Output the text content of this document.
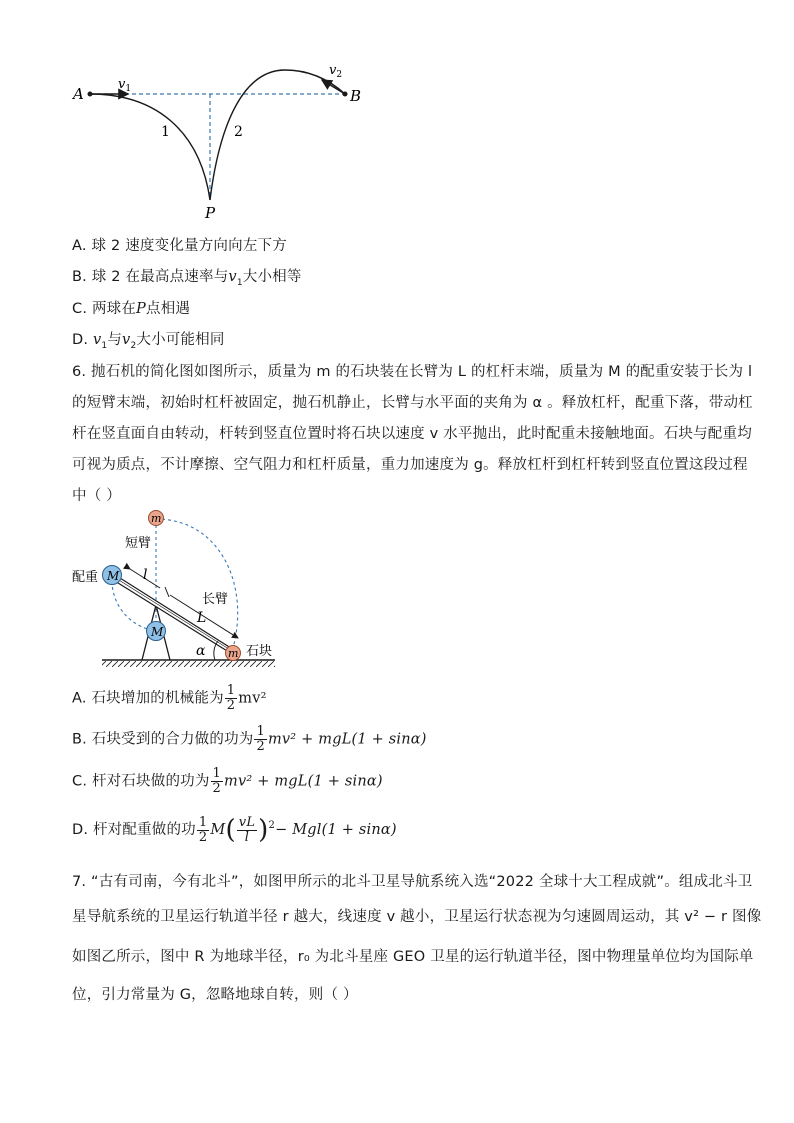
A	B
P
$v_1$
$v_2$
1	2
A. 球 2 速度变化量方向向左下方
B. 球 2 在最高点速率与$v_1$大小相等
C. 两球在P点相遇
D. $v_1$与$v_2$大小可能相同
6. 抛石机的简化图如图所示，质量为 m 的石块装在长臂为 L 的杠杆末端，质量为 M 的配重安装于长为 l
的短臂末端，初始时杠杆被固定，抛石机静止，长臂与水平面的夹角为 α 。释放杠杆，配重下落，带动杠
杆在竖直面自由转动，杆转到竖直位置时将石块以速度 v 水平抛出，此时配重未接触地面。石块与配重均
可视为质点，不计摩擦、空气阻力和杠杆质量，重力加速度为 g。释放杠杆到杠杆转到竖直位置这段过程
中（ ）
M
M
m
m
配重
短臂
长臂
石块
l
L
α
A. 石块增加的机械能为 $\frac{1}{2} mv^2$
B. 石块受到的合力做的功为 $\frac{1}{2} mv^2 + mgL(1 + \sin\alpha)$
C. 杆对石块做的功为 $\frac{1}{2} mv^2 + mgL(1 + \sin\alpha)$
D. 杆对配重做的功 $\frac{1}{2} M( \frac{vL}{l} )^2- Mgl(1 + \sin\alpha)$
7. “古有司南，今有北斗”，如图甲所示的北斗卫星导航系统入选“2022 全球十大工程成就”。组成北斗卫
星导航系统的卫星运行轨道半径 r 越大，线速度 v 越小，卫星运行状态视为匀速圆周运动，其 v² − r 图像
如图乙所示，图中 R 为地球半径，r₀ 为北斗星座 GEO 卫星的运行轨道半径，图中物理量单位均为国际单
位，引力常量为 G，忽略地球自转，则（ ）
